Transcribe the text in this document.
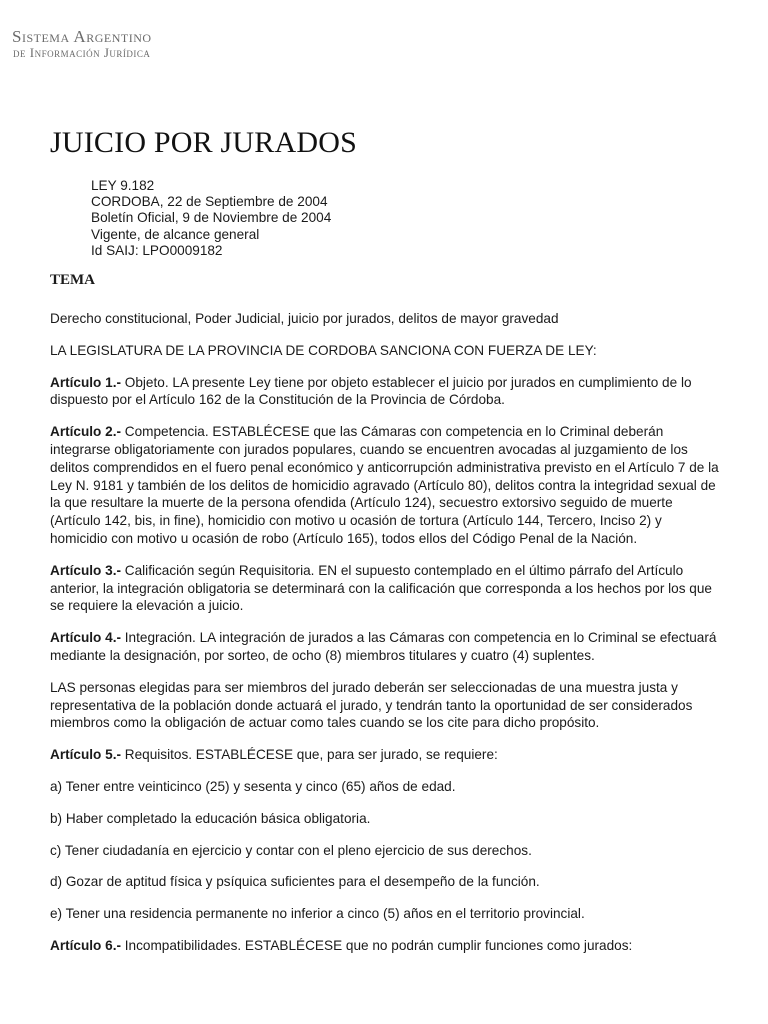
Sistema Argentino
de Información Jurídica
JUICIO POR JURADOS
LEY 9.182
CORDOBA, 22 de Septiembre de 2004
Boletín Oficial, 9 de Noviembre de 2004
Vigente, de alcance general
Id SAIJ: LPO0009182
TEMA

Derecho constitucional, Poder Judicial, juicio por jurados, delitos de mayor gravedad

LA LEGISLATURA DE LA PROVINCIA DE CORDOBA SANCIONA CON FUERZA DE LEY:

Artículo 1.- Objeto. LA presente Ley tiene por objeto establecer el juicio por jurados en cumplimiento de lo dispuesto por el Artículo 162 de la Constitución de la Provincia de Córdoba.

Artículo 2.- Competencia. ESTABLÉCESE que las Cámaras con competencia en lo Criminal deberán integrarse obligatoriamente con jurados populares, cuando se encuentren avocadas al juzgamiento de los delitos comprendidos en el fuero penal económico y anticorrupción administrativa previsto en el Artículo 7 de la Ley N. 9181 y también de los delitos de homicidio agravado (Artículo 80), delitos contra la integridad sexual de la que resultare la muerte de la persona ofendida (Artículo 124), secuestro extorsivo seguido de muerte (Artículo 142, bis, in fine), homicidio con motivo u ocasión de tortura (Artículo 144, Tercero, Inciso 2) y homicidio con motivo u ocasión de robo (Artículo 165), todos ellos del Código Penal de la Nación.

Artículo 3.- Calificación según Requisitoria. EN el supuesto contemplado en el último párrafo del Artículo anterior, la integración obligatoria se determinará con la calificación que corresponda a los hechos por los que se requiere la elevación a juicio.

Artículo 4.- Integración. LA integración de jurados a las Cámaras con competencia en lo Criminal se efectuará mediante la designación, por sorteo, de ocho (8) miembros titulares y cuatro (4) suplentes.

LAS personas elegidas para ser miembros del jurado deberán ser seleccionadas de una muestra justa y representativa de la población donde actuará el jurado, y tendrán tanto la oportunidad de ser considerados miembros como la obligación de actuar como tales cuando se los cite para dicho propósito.

Artículo 5.- Requisitos. ESTABLÉCESE que, para ser jurado, se requiere:

a) Tener entre veinticinco (25) y sesenta y cinco (65) años de edad.

b) Haber completado la educación básica obligatoria.

c) Tener ciudadanía en ejercicio y contar con el pleno ejercicio de sus derechos.

d) Gozar de aptitud física y psíquica suficientes para el desempeño de la función.

e) Tener una residencia permanente no inferior a cinco (5) años en el territorio provincial.

Artículo 6.- Incompatibilidades. ESTABLÉCESE que no podrán cumplir funciones como jurados:
